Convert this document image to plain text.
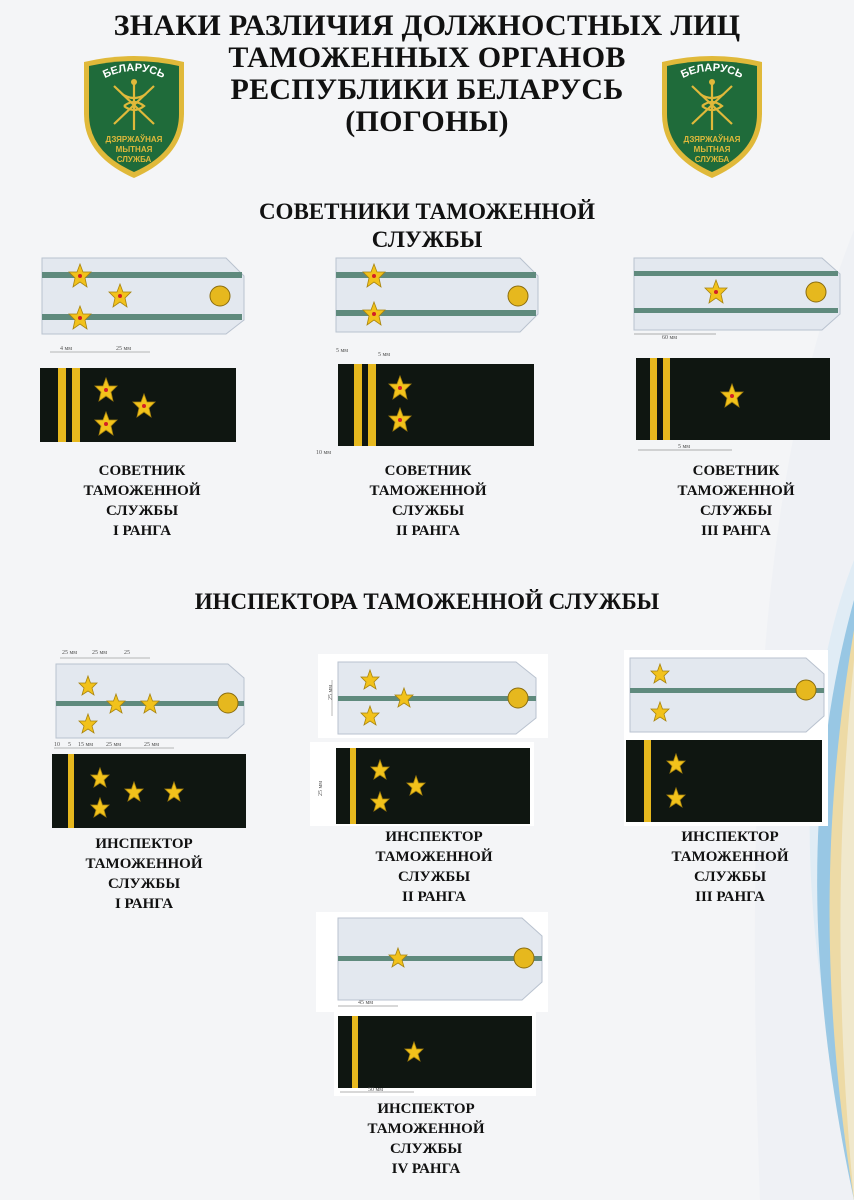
БЕЛАРУСЬ
ДЗЯРЖАЎНАЯ
МЫТНАЯ
СЛУЖБА
БЕЛАРУСЬ
ДЗЯРЖАЎНАЯ
МЫТНАЯ
СЛУЖБА
ЗНАКИ РАЗЛИЧИЯ ДОЛЖНОСТНЫХ ЛИЦ
ТАМОЖЕННЫХ ОРГАНОВ
РЕСПУБЛИКИ БЕЛАРУСЬ
(ПОГОНЫ)
СОВЕТНИКИ ТАМОЖЕННОЙ
СЛУЖБЫ
4 мм	25 мм
СОВЕТНИК
ТАМОЖЕННОЙ
СЛУЖБЫ
I РАНГА
5 мм
5 мм
10 мм
СОВЕТНИК
ТАМОЖЕННОЙ
СЛУЖБЫ
II РАНГА
60 мм
5 мм
СОВЕТНИК
ТАМОЖЕННОЙ
СЛУЖБЫ
III РАНГА
ИНСПЕКТОРА ТАМОЖЕННОЙ СЛУЖБЫ
25 мм 25 мм	25
10 5 15 мм 25 мм	25 мм
ИНСПЕКТОР
ТАМОЖЕННОЙ
СЛУЖБЫ
I РАНГА
25 мм
25 мм
ИНСПЕКТОР
ТАМОЖЕННОЙ
СЛУЖБЫ
II РАНГА
ИНСПЕКТОР
ТАМОЖЕННОЙ
СЛУЖБЫ
III РАНГА
45 мм
50 мм
ИНСПЕКТОР
ТАМОЖЕННОЙ
СЛУЖБЫ
IV РАНГА
